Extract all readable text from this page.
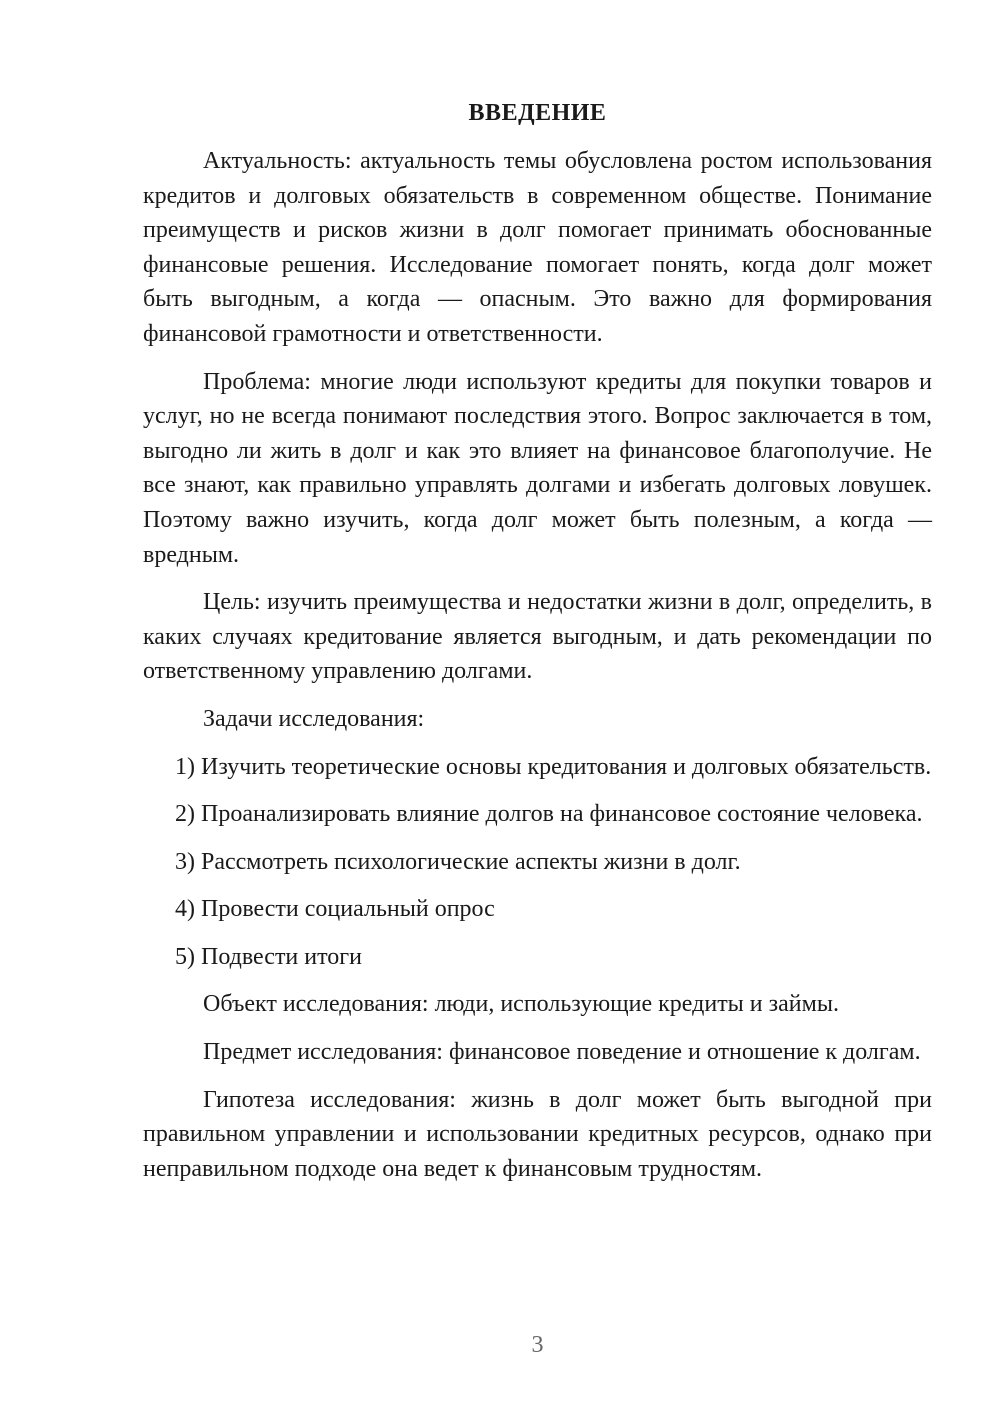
ВВЕДЕНИЕ

Актуальность: актуальность темы обусловлена ростом использования кредитов и долговых обязательств в современном обществе. Понимание преимуществ и рисков жизни в долг помогает принимать обоснованные финансовые решения. Исследование помогает понять, когда долг может быть выгодным, а когда — опасным. Это важно для формирования финансовой грамотности и ответственности.

Проблема: многие люди используют кредиты для покупки товаров и услуг, но не всегда понимают последствия этого. Вопрос заключается в том, выгодно ли жить в долг и как это влияет на финансовое благополучие. Не все знают, как правильно управлять долгами и избегать долговых ловушек. Поэтому важно изучить, когда долг может быть полезным, а когда — вредным.

Цель: изучить преимущества и недостатки жизни в долг, определить, в каких случаях кредитование является выгодным, и дать рекомендации по ответственному управлению долгами.

Задачи исследования:

1) Изучить теоретические основы кредитования и долговых обязательств.

2) Проанализировать влияние долгов на финансовое состояние человека.

3) Рассмотреть психологические аспекты жизни в долг.

4) Провести социальный опрос

5) Подвести итоги

Объект исследования: люди, использующие кредиты и займы.

Предмет исследования: финансовое поведение и отношение к долгам.

Гипотеза исследования: жизнь в долг может быть выгодной при правильном управлении и использовании кредитных ресурсов, однако при неправильном подходе она ведет к финансовым трудностям.

3
